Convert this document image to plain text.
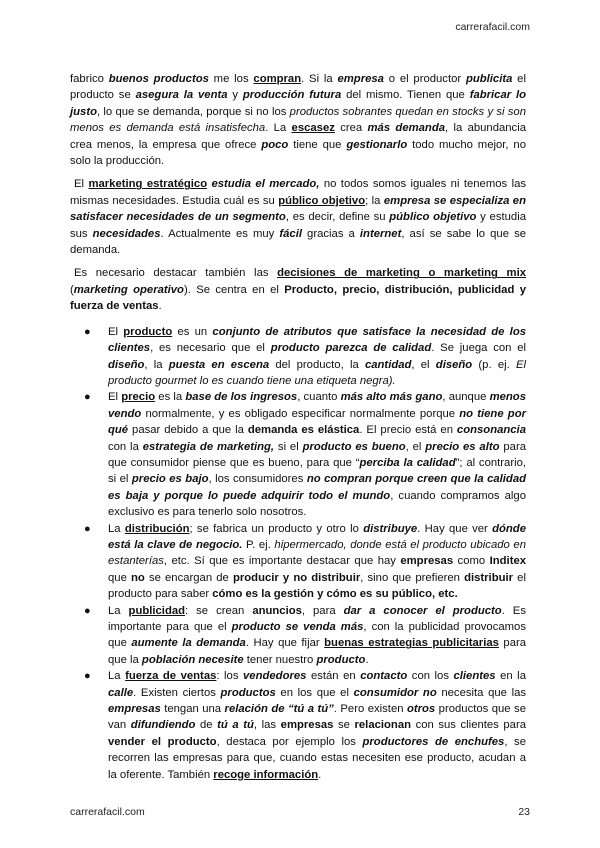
carrerafacil.com

fabrico buenos productos me los compran. Si la empresa o el productor publicita el producto se asegura la venta y producción futura del mismo. Tienen que fabricar lo justo, lo que se demanda, porque si no los productos sobrantes quedan en stocks y si son menos es demanda está insatisfecha. La escasez crea más demanda, la abundancia crea menos, la empresa que ofrece poco tiene que gestionarlo todo mucho mejor, no solo la producción.

El marketing estratégico estudia el mercado, no todos somos iguales ni tenemos las mismas necesidades. Estudia cuál es su público objetivo; la empresa se especializa en satisfacer necesidades de un segmento, es decir, define su público objetivo y estudia sus necesidades. Actualmente es muy fácil gracias a internet, así se sabe lo que se demanda.

Es necesario destacar también las decisiones de marketing o marketing mix (marketing operativo). Se centra en el Producto, precio, distribución, publicidad y fuerza de ventas.

● El producto es un conjunto de atributos que satisface la necesidad de los clientes, es necesario que el producto parezca de calidad. Se juega con el diseño, la puesta en escena del producto, la cantidad, el diseño (p. ej. El producto gourmet lo es cuando tiene una etiqueta negra).
● El precio es la base de los ingresos, cuanto más alto más gano, aunque menos vendo normalmente, y es obligado especificar normalmente porque no tiene por qué pasar debido a que la demanda es elástica. El precio está en consonancia con la estrategia de marketing, si el producto es bueno, el precio es alto para que consumidor piense que es bueno, para que “perciba la calidad”; al contrario, si el precio es bajo, los consumidores no compran porque creen que la calidad es baja y porque lo puede adquirir todo el mundo, cuando compramos algo exclusivo es para tenerlo solo nosotros.
● La distribución; se fabrica un producto y otro lo distribuye. Hay que ver dónde está la clave de negocio. P. ej. hipermercado, donde está el producto ubicado en estanterías, etc. Sí que es importante destacar que hay empresas como Inditex que no se encargan de producir y no distribuir, sino que prefieren distribuir el producto para saber cómo es la gestión y cómo es su público, etc.
● La publicidad: se crean anuncios, para dar a conocer el producto. Es importante para que el producto se venda más, con la publicidad provocamos que aumente la demanda. Hay que fijar buenas estrategias publicitarias para que la población necesite tener nuestro producto.
● La fuerza de ventas: los vendedores están en contacto con los clientes en la calle. Existen ciertos productos en los que el consumidor no necesita que las empresas tengan una relación de “tú a tú”. Pero existen otros productos que se van difundiendo de tú a tú, las empresas se relacionan con sus clientes para vender el producto, destaca por ejemplo los productores de enchufes, se recorren las empresas para que, cuando estas necesiten ese producto, acudan a la oferente. También recoge información.
carrerafacil.com	23
